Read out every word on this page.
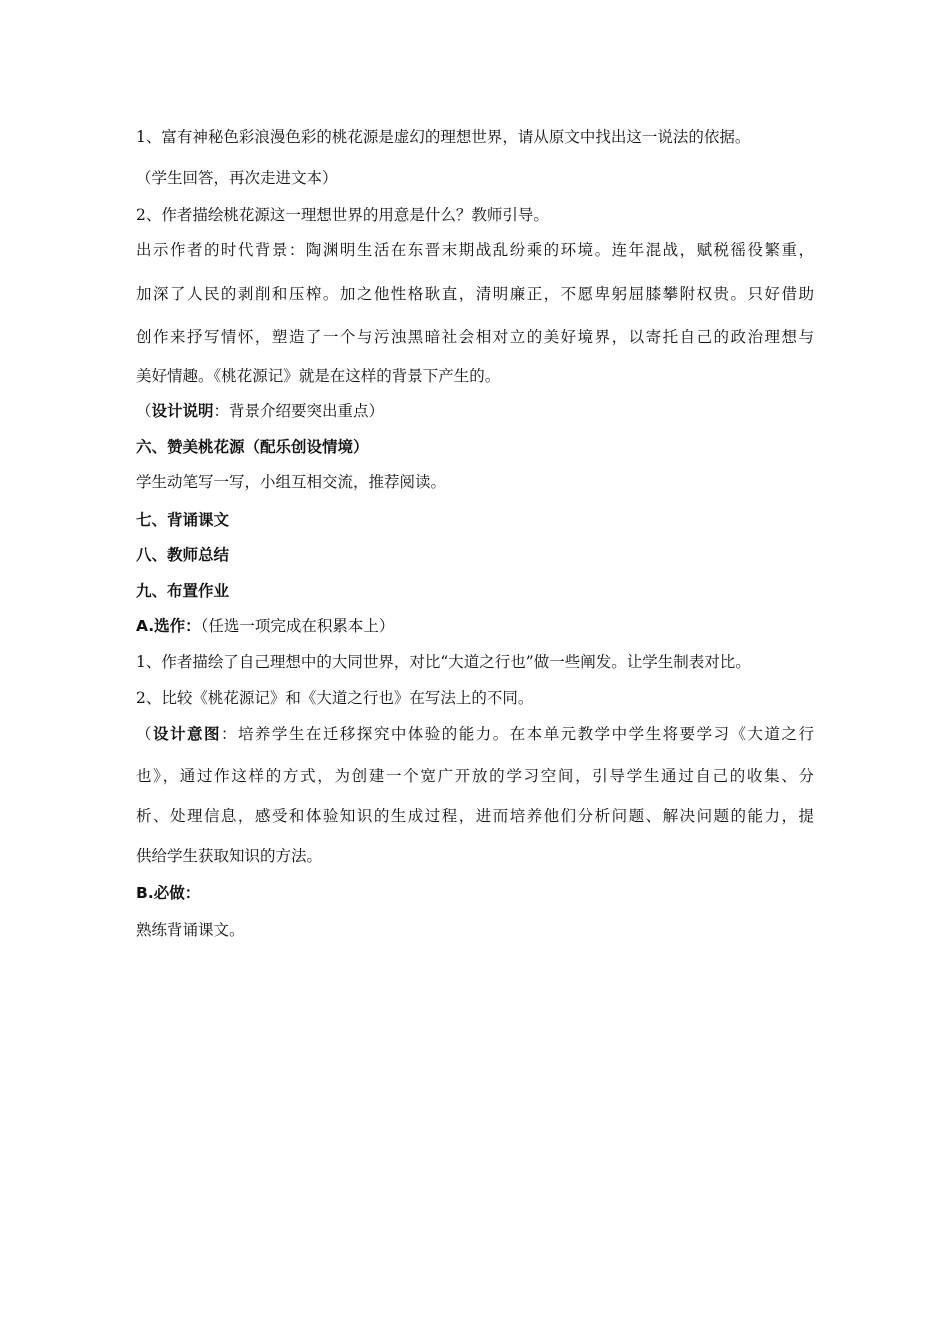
1、富有神秘色彩浪漫色彩的桃花源是虚幻的理想世界，请从原文中找出这一说法的依据。

（学生回答，再次走进文本）

2、作者描绘桃花源这一理想世界的用意是什么？教师引导。

出示作者的时代背景：陶渊明生活在东晋末期战乱纷乘的环境。连年混战，赋税徭役繁重，

加深了人民的剥削和压榨。加之他性格耿直，清明廉正，不愿卑躬屈膝攀附权贵。只好借助

创作来抒写情怀，塑造了一个与污浊黑暗社会相对立的美好境界，以寄托自己的政治理想与

美好情趣。《桃花源记》就是在这样的背景下产生的。

（设计说明：背景介绍要突出重点）

六、赞美桃花源（配乐创设情境）

学生动笔写一写，小组互相交流，推荐阅读。

七、背诵课文

八、教师总结

九、布置作业

A.选作：（任选一项完成在积累本上）

1、作者描绘了自己理想中的大同世界，对比“大道之行也”做一些阐发。让学生制表对比。

2、比较《桃花源记》和《大道之行也》在写法上的不同。

（设计意图：培养学生在迁移探究中体验的能力。在本单元教学中学生将要学习《大道之行

也》，通过作这样的方式，为创建一个宽广开放的学习空间，引导学生通过自己的收集、分

析、处理信息，感受和体验知识的生成过程，进而培养他们分析问题、解决问题的能力，提

供给学生获取知识的方法。

B.必做：

熟练背诵课文。
